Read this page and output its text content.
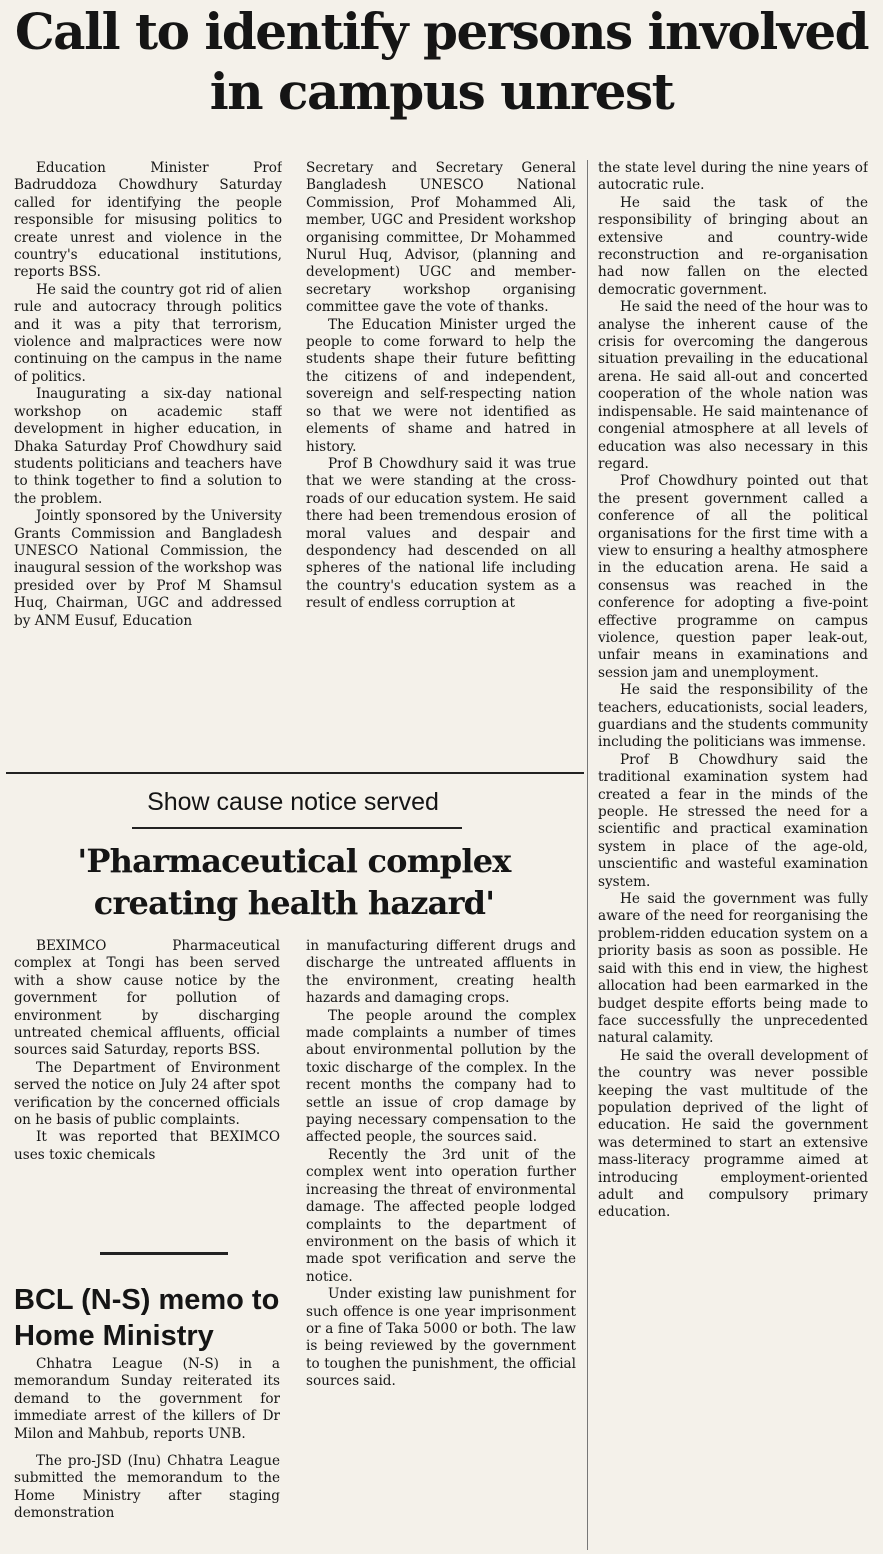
Call to identify persons involved in campus unrest

Education Minister Prof Badruddoza Chowdhury Saturday called for identifying the people responsible for misusing politics to create unrest and violence in the country's educational institutions, reports BSS.

He said the country got rid of alien rule and autocracy through politics and it was a pity that terrorism, violence and malpractices were now continuing on the campus in the name of politics.

Inaugurating a six-day national workshop on academic staff development in higher education, in Dhaka Saturday Prof Chowdhury said students politicians and teachers have to think together to find a solution to the problem.

Jointly sponsored by the University Grants Commission and Bangladesh UNESCO National Commission, the inaugural session of the workshop was presided over by Prof M Shamsul Huq, Chairman, UGC and addressed by ANM Eusuf, Education

Secretary and Secretary General Bangladesh UNESCO National Commission, Prof Mohammed Ali, member, UGC and President workshop organising committee, Dr Mohammed Nurul Huq, Advisor, (planning and development) UGC and member-secretary workshop organising committee gave the vote of thanks.

The Education Minister urged the people to come forward to help the students shape their future befitting the citizens of and independent, sovereign and self-respecting nation so that we were not identified as elements of shame and hatred in history.

Prof B Chowdhury said it was true that we were standing at the cross-roads of our education system. He said there had been tremendous erosion of moral values and despair and despondency had descended on all spheres of the national life including the country's education system as a result of endless corruption at

the state level during the nine years of autocratic rule.

He said the task of the responsibility of bringing about an extensive and country-wide reconstruction and re-organisation had now fallen on the elected democratic government.

He said the need of the hour was to analyse the inherent cause of the crisis for overcoming the dangerous situation prevailing in the educational arena. He said all-out and concerted cooperation of the whole nation was indispensable. He said maintenance of congenial atmosphere at all levels of education was also necessary in this regard.

Prof Chowdhury pointed out that the present government called a conference of all the political organisations for the first time with a view to ensuring a healthy atmosphere in the education arena. He said a consensus was reached in the conference for adopting a five-point effective programme on campus violence, question paper leak-out, unfair means in examinations and session jam and unemployment.

He said the responsibility of the teachers, educationists, social leaders, guardians and the students community including the politicians was immense.

Prof B Chowdhury said the traditional examination system had created a fear in the minds of the people. He stressed the need for a scientific and practical examination system in place of the age-old, unscientific and wasteful examination system.

He said the government was fully aware of the need for reorganising the problem-ridden education system on a priority basis as soon as possible. He said with this end in view, the highest allocation had been earmarked in the budget despite efforts being made to face successfully the unprecedented natural calamity.

He said the overall development of the country was never possible keeping the vast multitude of the population deprived of the light of education. He said the government was determined to start an extensive mass-literacy programme aimed at introducing employment-oriented adult and compulsory primary education.

Show cause notice served
'Pharmaceutical complex creating health hazard'

BEXIMCO Pharmaceutical complex at Tongi has been served with a show cause notice by the government for pollution of environment by discharging untreated chemical affluents, official sources said Saturday, reports BSS.

The Department of Environment served the notice on July 24 after spot verification by the concerned officials on he basis of public complaints.

It was reported that BEXIMCO uses toxic chemicals

in manufacturing different drugs and discharge the untreated affluents in the environment, creating health hazards and damaging crops.

The people around the complex made complaints a number of times about environmental pollution by the toxic discharge of the complex. In the recent months the company had to settle an issue of crop damage by paying necessary compensation to the affected people, the sources said.

Recently the 3rd unit of the complex went into operation further increasing the threat of environmental damage. The affected people lodged complaints to the department of environment on the basis of which it made spot verification and serve the notice.

Under existing law punishment for such offence is one year imprisonment or a fine of Taka 5000 or both. The law is being reviewed by the government to toughen the punishment, the official sources said.

BCL (N-S) memo to Home Ministry

Chhatra League (N-S) in a memorandum Sunday reiterated its demand to the government for immediate arrest of the killers of Dr Milon and Mahbub, reports UNB.

The pro-JSD (Inu) Chhatra League submitted the memorandum to the Home Ministry after staging demonstration
